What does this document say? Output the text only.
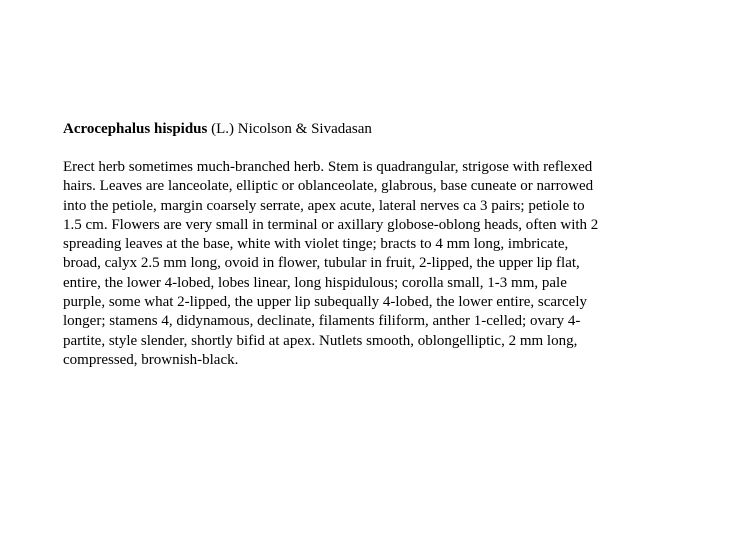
Acrocephalus hispidus (L.) Nicolson & Sivadasan
Erect herb sometimes much-branched herb. Stem is quadrangular, strigose with reflexed
hairs. Leaves are lanceolate, elliptic or oblanceolate, glabrous, base cuneate or narrowed
into the petiole, margin coarsely serrate, apex acute, lateral nerves ca 3 pairs; petiole to
1.5 cm. Flowers are very small in terminal or axillary globose-oblong heads, often with 2
spreading leaves at the base, white with violet tinge; bracts to 4 mm long, imbricate,
broad, calyx 2.5 mm long, ovoid in flower, tubular in fruit, 2-lipped, the upper lip flat,
entire, the lower 4-lobed, lobes linear, long hispidulous; corolla small, 1-3 mm, pale
purple, some what 2-lipped, the upper lip subequally 4-lobed, the lower entire, scarcely
longer; stamens 4, didynamous, declinate, filaments filiform, anther 1-celled; ovary 4-
partite, style slender, shortly bifid at apex. Nutlets smooth, oblongelliptic, 2 mm long,
compressed, brownish-black.
